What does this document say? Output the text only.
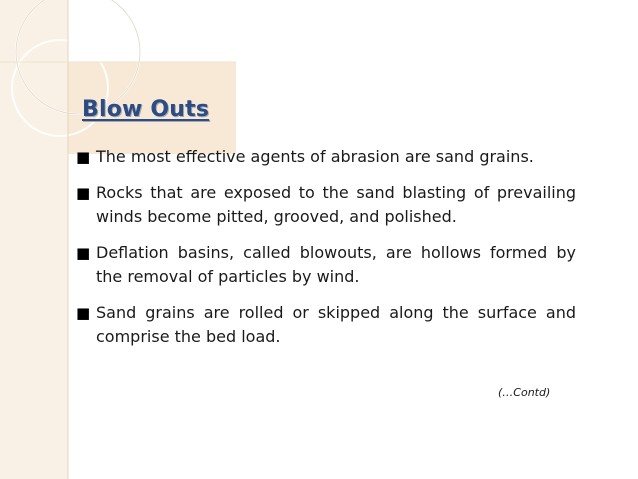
Blow Outs
■ The most effective agents of abrasion are sand grains.
■ Rocks that are exposed to the sand blasting of prevailing winds become pitted, grooved, and polished.
■ Deflation basins, called blowouts, are hollows formed by the removal of particles by wind.
■ Sand grains are rolled or skipped along the surface and comprise the bed load.
(…Contd)
